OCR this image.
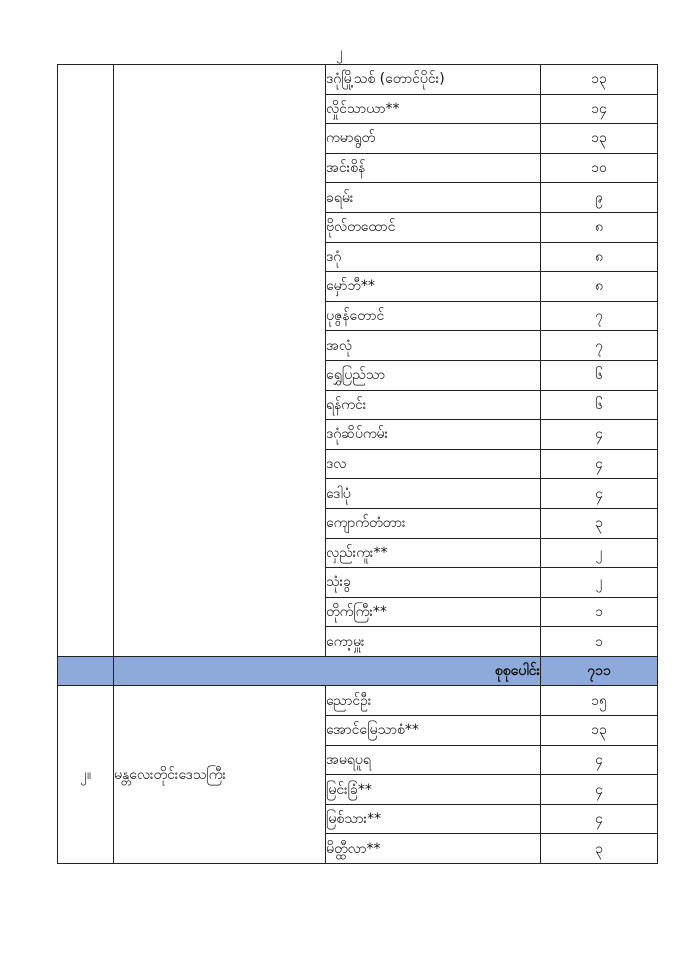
၂
		ဒဂုံမြို့သစ် (တောင်ပိုင်း)	၁၃
		လှိုင်သာယာ**	၁၄
		ကမာရွတ်	၁၃
		အင်းစိန်	၁၀
		ခရမ်း	၉
		ဗိုလ်တထောင်	၈
		ဒဂုံ	၈
		မှော်ဘီ**	၈
		ပုဇွန်တောင်	၇
		အလုံ	၇
		ရွှေပြည်သာ	၆
		ရန်ကင်း	၆
		ဒဂုံဆိပ်ကမ်း	၄
		ဒလ	၄
		ဒေါပုံ	၄
		ကျောက်တံတား	၃
		လှည်းကူး**	၂
		သုံးခွ	၂
		တိုက်ကြီး**	၁
		ကော့မှူး	၁
	စုစုပေါင်း		၇၁၁
၂။	မန္တလေးတိုင်းဒေသကြီး	ညောင်ဦး	၁၅
		အောင်မြေသာစံ**	၁၃
		အမရပူရ	၄
		မြင်းခြံ**	၄
		မြစ်သား**	၄
		မိတ္ထီလာ**	၃
